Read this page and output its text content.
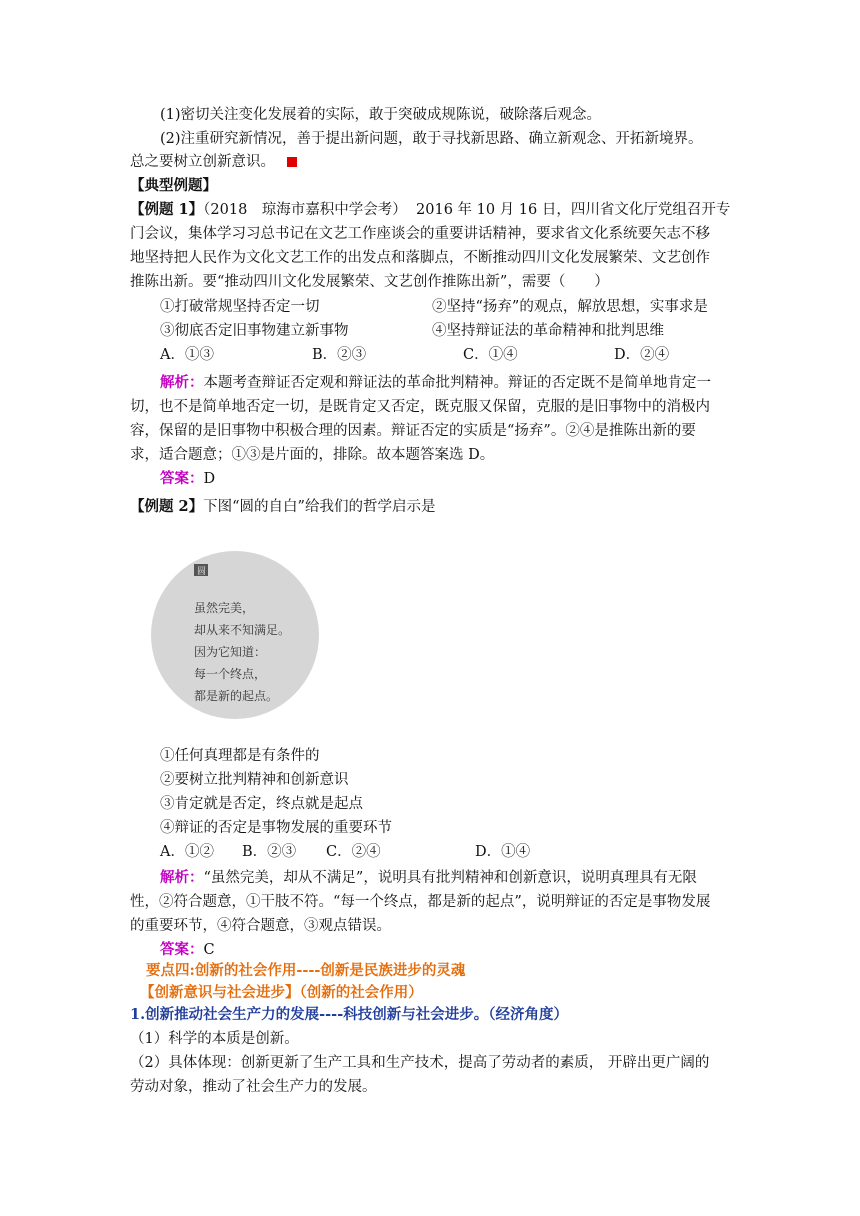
(1)密切关注变化发展着的实际，敢于突破成规陈说，破除落后观念。
(2)注重研究新情况，善于提出新问题，敢于寻找新思路、确立新观念、开拓新境界。
总之要树立创新意识。
【典型例题】
【例题 1】（2018　琼海市嘉积中学会考） 2016 年 10 月 16 日，四川省文化厅党组召开专
门会议，集体学习习总书记在文艺工作座谈会的重要讲话精神，要求省文化系统要矢志不移
地坚持把人民作为文化文艺工作的出发点和落脚点，不断推动四川文化发展繁荣、文艺创作
推陈出新。要“推动四川文化发展繁荣、文艺创作推陈出新”，需要（　　）
①打破常规坚持否定一切	②坚持“扬弃”的观点，解放思想，实事求是
③彻底否定旧事物建立新事物	④坚持辩证法的革命精神和批判思维
A．①③	B．②③	C．①④	D．②④
解析：本题考查辩证否定观和辩证法的革命批判精神。辩证的否定既不是简单地肯定一
切，也不是简单地否定一切，是既肯定又否定，既克服又保留，克服的是旧事物中的消极内
容，保留的是旧事物中积极合理的因素。辩证否定的实质是“扬弃”。②④是推陈出新的要
求，适合题意；①③是片面的，排除。故本题答案选 D。
答案：D
【例题 2】下图“圆的自白”给我们的哲学启示是
圆
虽然完美，
却从来不知满足。
因为它知道：
每一个终点，
都是新的起点。
①任何真理都是有条件的
②要树立批判精神和创新意识
③肯定就是否定，终点就是起点
④辩证的否定是事物发展的重要环节
A．①② B．②③ C．②④	D．①④
解析：“虽然完美，却从不满足”，说明具有批判精神和创新意识，说明真理具有无限
性，②符合题意，①干肢不符。“每一个终点，都是新的起点”，说明辩证的否定是事物发展
的重要环节，④符合题意，③观点错误。
答案：C
要点四:创新的社会作用----创新是民族进步的灵魂
【创新意识与社会进步】（创新的社会作用）
1.创新推动社会生产力的发展----科技创新与社会进步。（经济角度）
（1）科学的本质是创新。
（2）具体体现：创新更新了生产工具和生产技术，提高了劳动者的素质， 开辟出更广阔的
劳动对象，推动了社会生产力的发展。
